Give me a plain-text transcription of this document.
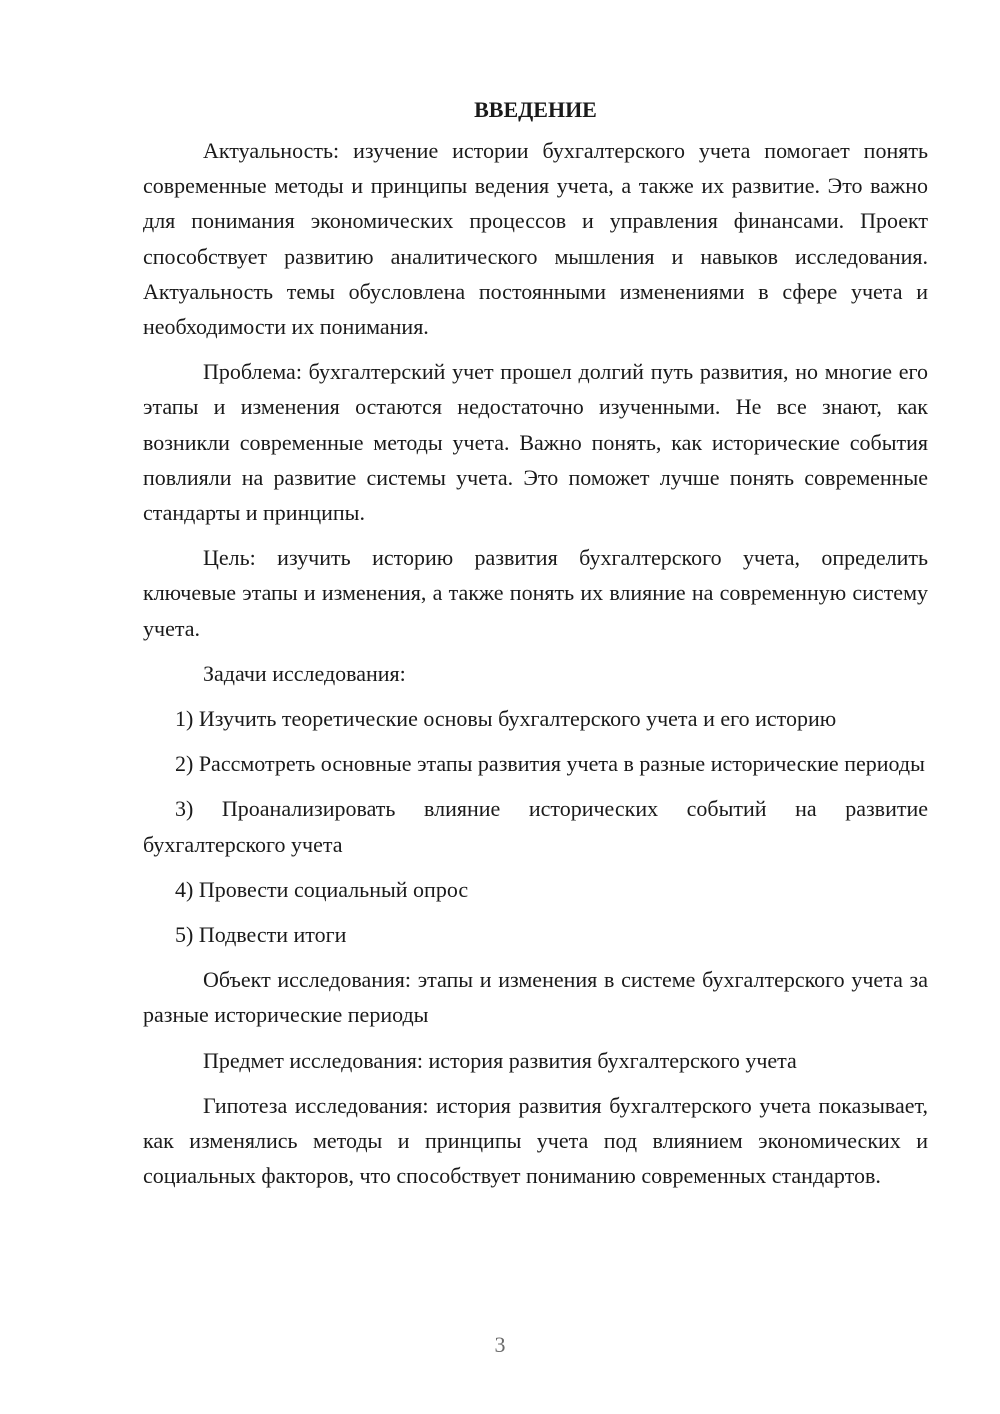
ВВЕДЕНИЕ

Актуальность: изучение истории бухгалтерского учета помогает понять современные методы и принципы ведения учета, а также их развитие. Это важно для понимания экономических процессов и управления финансами. Проект способствует развитию аналитического мышления и навыков исследования. Актуальность темы обусловлена постоянными изменениями в сфере учета и необходимости их понимания.

Проблема: бухгалтерский учет прошел долгий путь развития, но многие его этапы и изменения остаются недостаточно изученными. Не все знают, как возникли современные методы учета. Важно понять, как исторические события повлияли на развитие системы учета. Это поможет лучше понять современные стандарты и принципы.

Цель: изучить историю развития бухгалтерского учета, определить ключевые этапы и изменения, а также понять их влияние на современную систему учета.

Задачи исследования:

1) Изучить теоретические основы бухгалтерского учета и его историю

2) Рассмотреть основные этапы развития учета в разные исторические периоды

3) Проанализировать влияние исторических событий на развитие бухгалтерского учета

4) Провести социальный опрос

5) Подвести итоги

Объект исследования: этапы и изменения в системе бухгалтерского учета за разные исторические периоды

Предмет исследования: история развития бухгалтерского учета

Гипотеза исследования: история развития бухгалтерского учета показывает, как изменялись методы и принципы учета под влиянием экономических и социальных факторов, что способствует пониманию современных стандартов.

3
